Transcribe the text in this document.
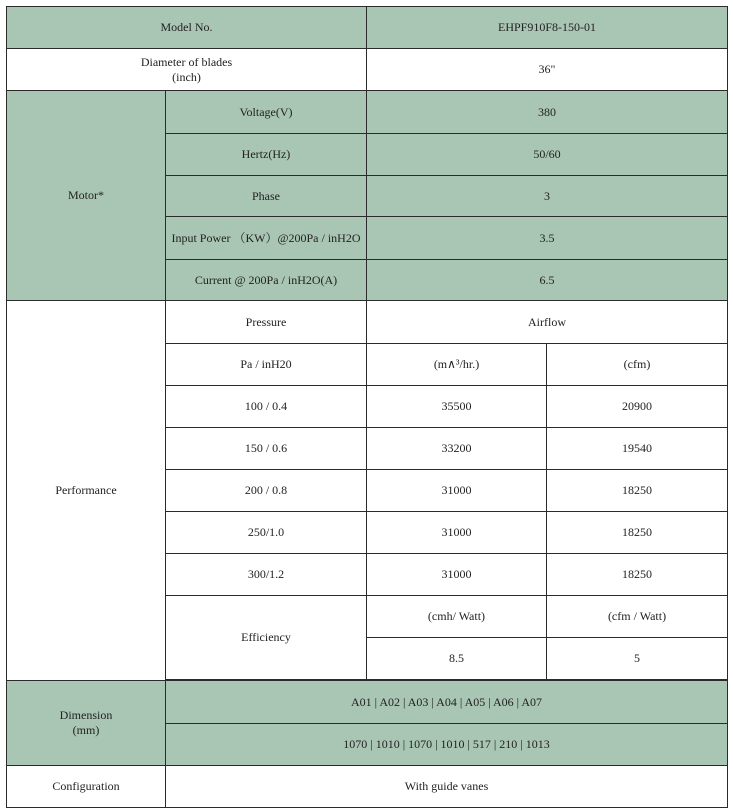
Model No.		EHPF910F8-150-01	

Diameter of blades
(inch)		36"	
Motor*	Voltage(V)	380	
	Hertz(Hz)	50/60	
	Phase	3	
	Input Power （KW）@200Pa / inH2O	3.5	
	Current @ 200Pa / inH2O(A)	6.5	
Performance	Pressure	Airflow	
	Pa / inH20	(m∧³/hr.)	(cfm)
	100 / 0.4	35500	20900
	150 / 0.6	33200	19540
	200 / 0.8	31000	18250
	250/1.0	31000	18250
	300/1.2	31000	18250
	Efficiency	(cmh/ Watt)	(cfm / Watt)
		8.5	5

Dimension
(mm)	A01 | A02 | A03 | A04 | A05 | A06 | A07		
	1070 | 1010 | 1070 | 1010 | 517 | 210 | 1013		
Configuration	With guide vanes		
